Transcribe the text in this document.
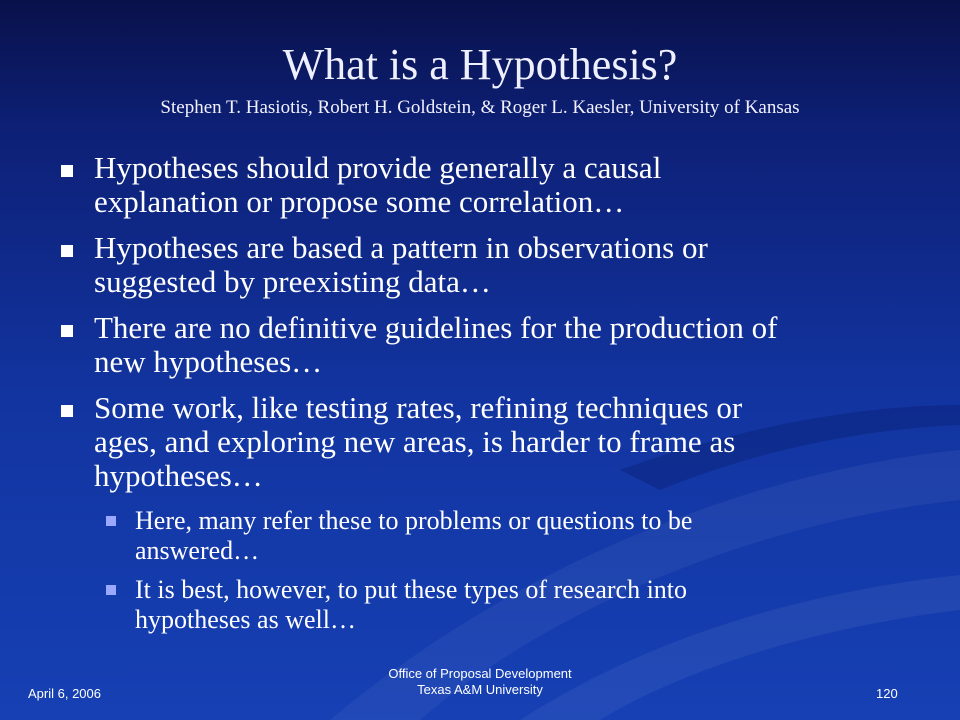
What is a Hypothesis?
Stephen T. Hasiotis, Robert H. Goldstein, & Roger L. Kaesler, University of Kansas
Hypotheses should provide generally a causal
explanation or propose some correlation…
Hypotheses are based a pattern in observations or
suggested by preexisting data…
There are no definitive guidelines for the production of
new hypotheses…
Some work, like testing rates, refining techniques or
ages, and exploring new areas, is harder to frame as
hypotheses…
Here, many refer these to problems or questions to be
answered…
It is best, however, to put these types of research into
hypotheses as well…
April 6, 2006
Office of Proposal Development
Texas A&M University	120
